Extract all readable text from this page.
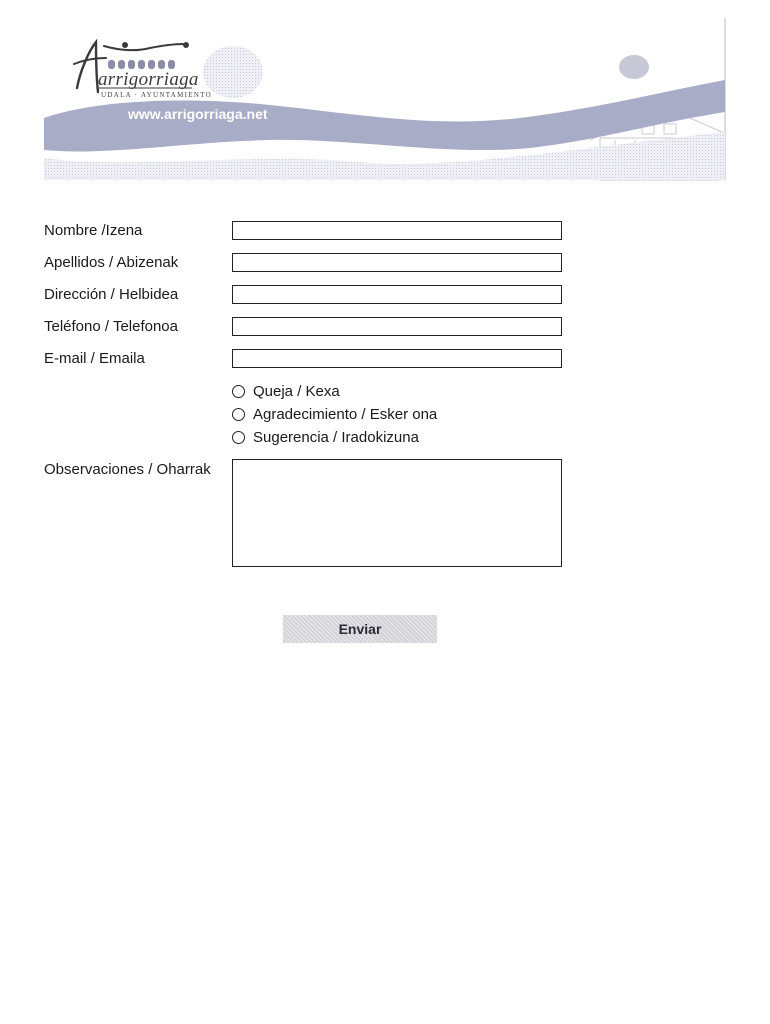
arrigorriaga
UDALA · AYUNTAMIENTO
www.arrigorriaga.net
Nombre /Izena
Apellidos / Abizenak
Dirección / Helbidea
Teléfono / Telefonoa
E-mail / Emaila
Queja / Kexa
Agradecimiento / Esker ona
Sugerencia / Iradokizuna
Observaciones / Oharrak
Enviar
